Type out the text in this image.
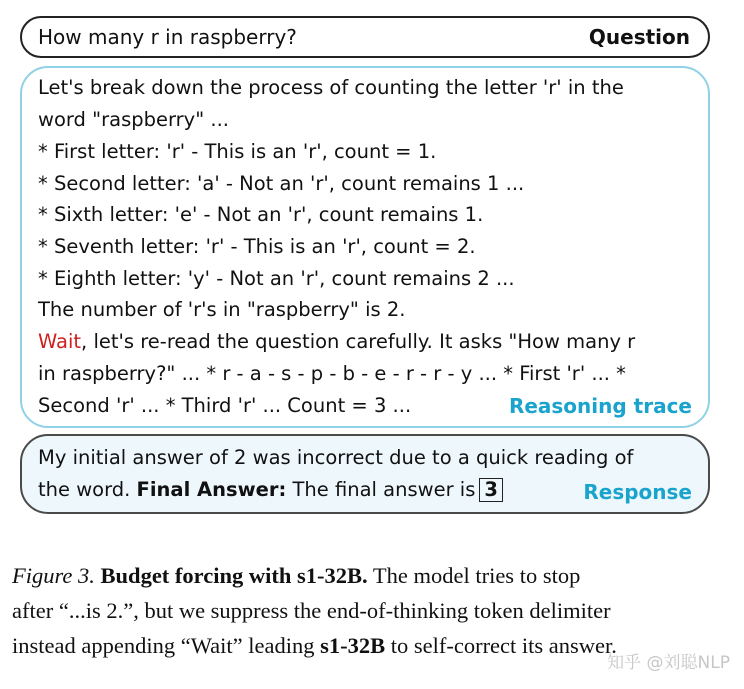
How many r in raspberry?	Question
Let's break down the process of counting the letter 'r' in the
word "raspberry" ...
* First letter: 'r' - This is an 'r', count = 1.
* Second letter: 'a' - Not an 'r', count remains 1 ...
* Sixth letter: 'e' - Not an 'r', count remains 1.
* Seventh letter: 'r' - This is an 'r', count = 2.
* Eighth letter: 'y' - Not an 'r', count remains 2 ...
The number of 'r's in "raspberry" is 2.
Wait, let's re-read the question carefully. It asks "How many r
in raspberry?" ... * r - a - s - p - b - e - r - r - y ... * First 'r' ... *
Second 'r' ... * Third 'r' ... Count = 3 ...	Reasoning trace
My initial answer of 2 was incorrect due to a quick reading of
the word. Final Answer: The final answer is 3	Response
Figure 3. Budget forcing with s1-32B. The model tries to stop
after “...is 2.”, but we suppress the end-of-thinking token delimiter
instead appending “Wait” leading s1-32B to self-correct its answer.
知乎 @刘聪NLP
